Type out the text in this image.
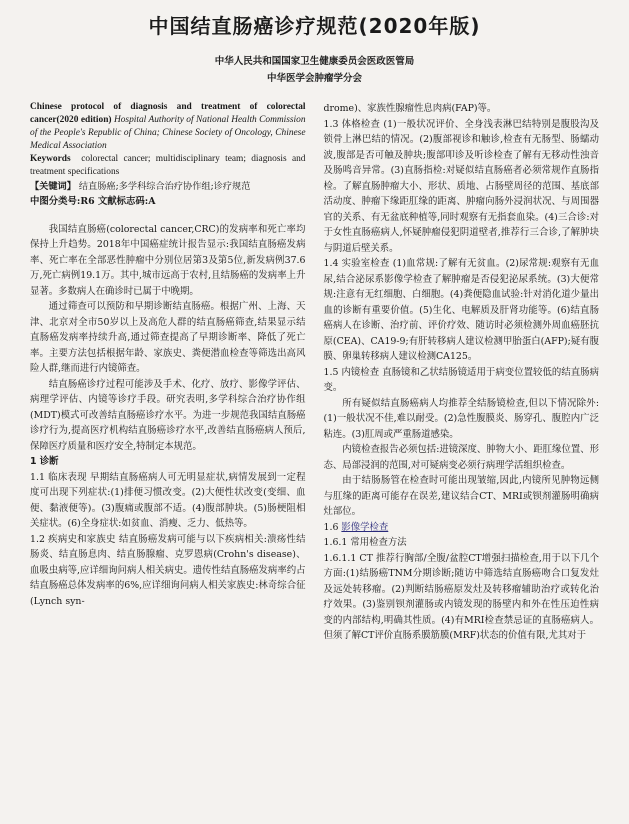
中国结直肠癌诊疗规范(2020年版)
中华人民共和国国家卫生健康委员会医政医管局
中华医学会肿瘤学分会
Chinese protocol of diagnosis and treatment of colorectal cancer(2020 edition) Hospital Authority of National Health Commission of the People's Republic of China; Chinese Society of Oncology, Chinese Medical Association
Keywords colorectal cancer; multidisciplinary team; diagnosis and treatment specifications

【关键词】 结直肠癌;多学科综合治疗协作组;诊疗规范

中图分类号:R6 文献标志码:A

我国结直肠癌(colorectal cancer,CRC)的发病率和死亡率均保持上升趋势。2018年中国癌症统计报告显示:我国结直肠癌发病率、死亡率在全部恶性肿瘤中分别位居第3及第5位,新发病例37.6万,死亡病例19.1万。其中,城市远高于农村,且结肠癌的发病率上升显著。多数病人在确诊时已属于中晚期。

通过筛查可以预防和早期诊断结直肠癌。根据广州、上海、天津、北京对全市50岁以上及高危人群的结直肠癌筛查,结果显示结直肠癌发病率持续升高,通过筛查提高了早期诊断率、降低了死亡率。主要方法包括根据年龄、家族史、粪便潜血检查等筛选出高风险人群,继而进行内镜筛查。

结直肠癌诊疗过程可能涉及手术、化疗、放疗、影像学评估、病理学评估、内镜等诊疗手段。研究表明,多学科综合治疗协作组(MDT)模式可改善结直肠癌诊疗水平。为进一步规范我国结直肠癌诊疗行为,提高医疗机构结直肠癌诊疗水平,改善结直肠癌病人预后,保障医疗质量和医疗安全,特制定本规范。

1 诊断

1.1 临床表现 早期结直肠癌病人可无明显症状,病情发展到一定程度可出现下列症状:(1)排便习惯改变。(2)大便性状改变(变细、血便、黏液便等)。(3)腹痛或腹部不适。(4)腹部肿块。(5)肠梗阻相关症状。(6)全身症状:如贫血、消瘦、乏力、低热等。

1.2 疾病史和家族史 结直肠癌发病可能与以下疾病相关:溃疡性结肠炎、结直肠息肉、结直肠腺瘤、克罗恩病(Crohn's disease)、血吸虫病等,应详细询问病人相关病史。遗传性结直肠癌发病率约占结直肠癌总体发病率的6%,应详细询问病人相关家族史:林奇综合征(Lynch syn-

drome)、家族性腺瘤性息肉病(FAP)等。

1.3 体格检查 (1)一般状况评价、全身浅表淋巴结特别是腹股沟及锁骨上淋巴结的情况。(2)腹部视诊和触诊,检查有无肠型、肠蠕动波,腹部是否可触及肿块;腹部叩诊及听诊检查了解有无移动性浊音及肠鸣音异常。(3)直肠指检:对疑似结直肠癌者必须常规作直肠指检。了解直肠肿瘤大小、形状、质地、占肠壁周径的范围、基底部活动度、肿瘤下缘距肛缘的距离、肿瘤向肠外浸润状况、与周围器官的关系、有无盆底种植等,同时观察有无指套血染。(4)三合诊:对于女性直肠癌病人,怀疑肿瘤侵犯阴道壁者,推荐行三合诊,了解肿块与阴道后壁关系。

1.4 实验室检查 (1)血常规:了解有无贫血。(2)尿常规:观察有无血尿,结合泌尿系影像学检查了解肿瘤是否侵犯泌尿系统。(3)大便常规:注意有无红细胞、白细胞。(4)粪便隐血试验:针对消化道少量出血的诊断有重要价值。(5)生化、电解质及肝肾功能等。(6)结直肠癌病人在诊断、治疗前、评价疗效、随访时必须检测外周血癌胚抗原(CEA)、CA19-9;有肝转移病人建议检测甲胎蛋白(AFP);疑有腹膜、卵巢转移病人建议检测CA125。

1.5 内镜检查 直肠镜和乙状结肠镜适用于病变位置较低的结直肠病变。

所有疑似结直肠癌病人均推荐全结肠镜检查,但以下情况除外:(1)一般状况不佳,难以耐受。(2)急性腹膜炎、肠穿孔、腹腔内广泛粘连。(3)肛周或严重肠道感染。

内镜检查报告必须包括:进镜深度、肿物大小、距肛缘位置、形态、局部浸润的范围,对可疑病变必须行病理学活组织检查。

由于结肠肠管在检查时可能出现皱缩,因此,内镜所见肿物远侧与肛缘的距离可能存在误差,建议结合CT、MRI或钡剂灌肠明确病灶部位。

1.6 影像学检查

1.6.1 常用检查方法

1.6.1.1 CT 推荐行胸部/全腹/盆腔CT增强扫描检查,用于以下几个方面:(1)结肠癌TNM分期诊断;随访中筛选结直肠癌吻合口复发灶及远处转移瘤。(2)判断结肠癌原发灶及转移瘤辅助治疗或转化治疗效果。(3)鉴别钡剂灌肠或内镜发现的肠壁内和外在性压迫性病变的内部结构,明确其性质。(4)有MRI检查禁忌证的直肠癌病人。但须了解CT评价直肠系膜筋膜(MRF)状态的价值有限,尤其对于
